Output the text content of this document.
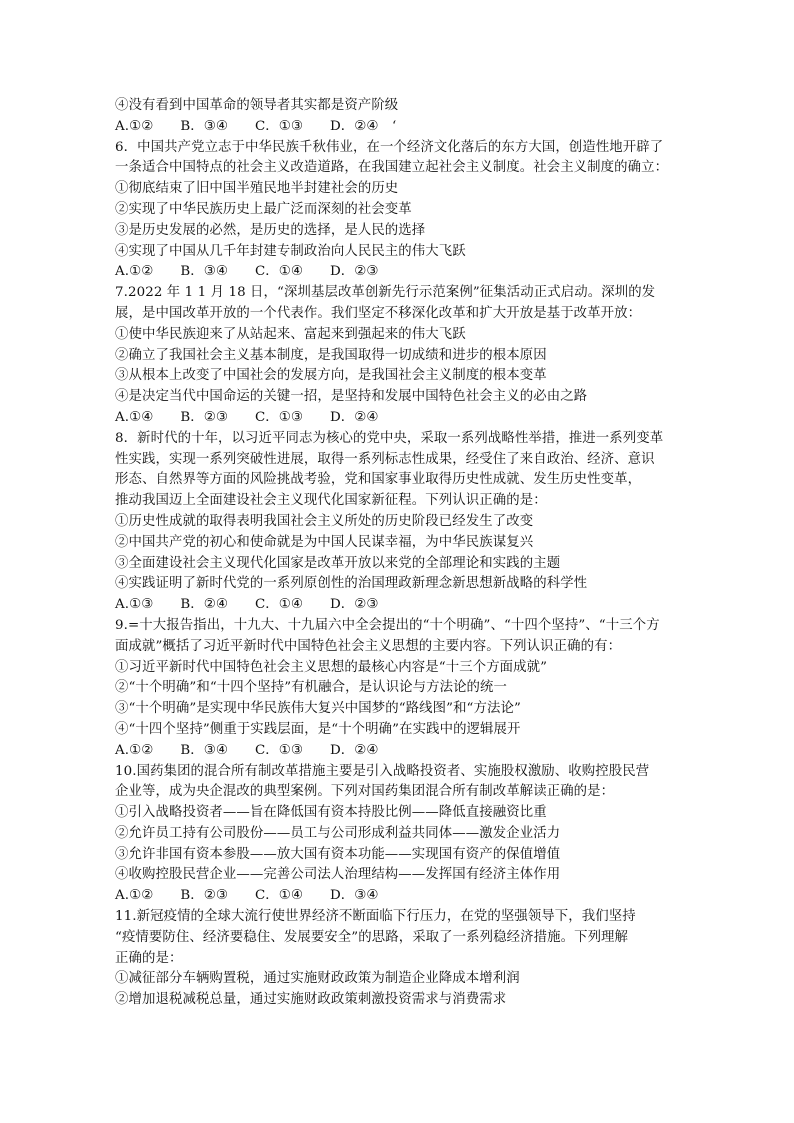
④没有看到中国革命的领导者其实都是资产阶级
A.①②　　B．③④　　C．①③　　D．②④　‘
6．中国共产党立志于中华民族千秋伟业，在一个经济文化落后的东方大国，创造性地开辟了
一条适合中国特点的社会主义改造道路，在我国建立起社会主义制度。社会主义制度的确立：
①彻底结束了旧中国半殖民地半封建社会的历史
②实现了中华民族历史上最广泛而深刻的社会变革
③是历史发展的必然，是历史的选择，是人民的选择
④实现了中国从几千年封建专制政治向人民民主的伟大飞跃
A.①②　　B．③④　　C．①④　　D．②③
7.2022 年 1 1 月 18 日，“深圳基层改革创新先行示范案例”征集活动正式启动。深圳的发
展，是中国改革开放的一个代表作。我们坚定不移深化改革和扩大开放是基于改革开放：
①使中华民族迎来了从站起来、富起来到强起来的伟大飞跃
②确立了我国社会主义基本制度，是我国取得一切成绩和进步的根本原因
③从根本上改变了中国社会的发展方向，是我国社会主义制度的根本变革
④是决定当代中国命运的关键一招，是坚持和发展中国特色社会主义的必由之路
A.①④　　B．②③　　C．①③　　D．②④
8．新时代的十年，以习近平同志为核心的党中央，采取一系列战略性举措，推进一系列变革
性实践，实现一系列突破性进展，取得一系列标志性成果，经受住了来自政治、经济、意识
形态、自然界等方面的风险挑战考验，党和国家事业取得历史性成就、发生历史性变革，
推动我国迈上全面建设社会主义现代化国家新征程。下列认识正确的是：
①历史性成就的取得表明我国社会主义所处的历史阶段已经发生了改变
②中国共产党的初心和使命就是为中国人民谋幸福，为中华民族谋复兴
③全面建设社会主义现代化国家是改革开放以来党的全部理论和实践的主题
④实践证明了新时代党的一系列原创性的治国理政新理念新思想新战略的科学性
A.①③　　B．②④　　C．①④　　D．②③
9.=十大报告指出，十九大、十九届六中全会提出的“十个明确”、“十四个坚持”、“十三个方
面成就”概括了习近平新时代中国特色社会主义思想的主要内容。下列认识正确的有：
①习近平新时代中国特色社会主义思想的最核心内容是“十三个方面成就”
②“十个明确”和“十四个坚持”有机融合，是认识论与方法论的统一
③“十个明确”是实现中华民族伟大复兴中国梦的“路线图”和“方法论”
④“十四个坚持”侧重于实践层面，是“十个明确”在实践中的逻辑展开
A.①②　　B．③④　　C．①③　　D．②④
10.国药集团的混合所有制改革措施主要是引入战略投资者、实施股权激励、收购控股民营
企业等，成为央企混改的典型案例。下列对国药集团混合所有制改革解读正确的是：
①引入战略投资者——旨在降低国有资本持股比例——降低直接融资比重
②允许员工持有公司股份——员工与公司形成利益共同体——激发企业活力
③允许非国有资本参股——放大国有资本功能——实现国有资产的保值增值
④收购控股民营企业——完善公司法人治理结构——发挥国有经济主体作用
A.①②　　B．②③　　C．①④　　D．③④
11.新冠疫情的全球大流行使世界经济不断面临下行压力，在党的坚强领导下，我们坚持
“疫情要防住、经济要稳住、发展要安全”的思路，采取了一系列稳经济措施。下列理解
正确的是：
①减征部分车辆购置税，通过实施财政政策为制造企业降成本增利润
②增加退税减税总量，通过实施财政政策刺激投资需求与消费需求
